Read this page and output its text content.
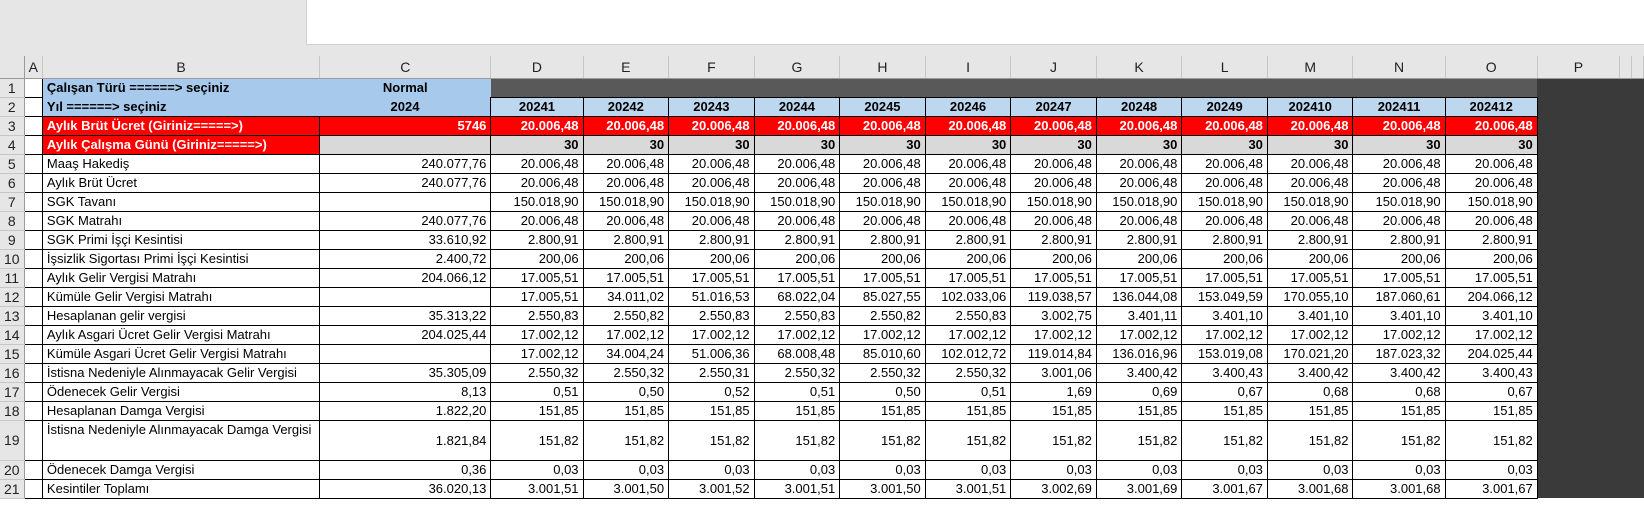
	A	B	C	D	E	F	G	H	I	J	K	L	M	N	O	P		
1		Çalışan Türü ======> seçiniz	Normal															
2		Yıl ======> seçiniz	2024	20241	20242	20243	20244	20245	20246	20247	20248	20249	202410	202411	202412			
3		Aylık Brüt Ücret (Giriniz=====>)	5746	20.006,48	20.006,48	20.006,48	20.006,48	20.006,48	20.006,48	20.006,48	20.006,48	20.006,48	20.006,48	20.006,48	20.006,48			
4		Aylık Çalışma Günü (Giriniz=====>)		30	30	30	30	30	30	30	30	30	30	30	30			
5		Maaş Hakediş	240.077,76	20.006,48	20.006,48	20.006,48	20.006,48	20.006,48	20.006,48	20.006,48	20.006,48	20.006,48	20.006,48	20.006,48	20.006,48			
6		Aylık Brüt Ücret	240.077,76	20.006,48	20.006,48	20.006,48	20.006,48	20.006,48	20.006,48	20.006,48	20.006,48	20.006,48	20.006,48	20.006,48	20.006,48			
7		SGK Tavanı		150.018,90	150.018,90	150.018,90	150.018,90	150.018,90	150.018,90	150.018,90	150.018,90	150.018,90	150.018,90	150.018,90	150.018,90			
8		SGK Matrahı	240.077,76	20.006,48	20.006,48	20.006,48	20.006,48	20.006,48	20.006,48	20.006,48	20.006,48	20.006,48	20.006,48	20.006,48	20.006,48			
9		SGK Primi İşçi Kesintisi	33.610,92	2.800,91	2.800,91	2.800,91	2.800,91	2.800,91	2.800,91	2.800,91	2.800,91	2.800,91	2.800,91	2.800,91	2.800,91			
10		İşsizlik Sigortası Primi İşçi Kesintisi	2.400,72	200,06	200,06	200,06	200,06	200,06	200,06	200,06	200,06	200,06	200,06	200,06	200,06			
11		Aylık Gelir Vergisi Matrahı	204.066,12	17.005,51	17.005,51	17.005,51	17.005,51	17.005,51	17.005,51	17.005,51	17.005,51	17.005,51	17.005,51	17.005,51	17.005,51			
12		Kümüle Gelir Vergisi Matrahı		17.005,51	34.011,02	51.016,53	68.022,04	85.027,55	102.033,06	119.038,57	136.044,08	153.049,59	170.055,10	187.060,61	204.066,12			
13		Hesaplanan gelir vergisi	35.313,22	2.550,83	2.550,82	2.550,83	2.550,83	2.550,82	2.550,83	3.002,75	3.401,11	3.401,10	3.401,10	3.401,10	3.401,10			
14		Aylık Asgari Ücret Gelir Vergisi Matrahı	204.025,44	17.002,12	17.002,12	17.002,12	17.002,12	17.002,12	17.002,12	17.002,12	17.002,12	17.002,12	17.002,12	17.002,12	17.002,12			
15		Kümüle Asgari Ücret Gelir Vergisi Matrahı		17.002,12	34.004,24	51.006,36	68.008,48	85.010,60	102.012,72	119.014,84	136.016,96	153.019,08	170.021,20	187.023,32	204.025,44			
16		İstisna Nedeniyle Alınmayacak Gelir Vergisi	35.305,09	2.550,32	2.550,32	2.550,31	2.550,32	2.550,32	2.550,32	3.001,06	3.400,42	3.400,43	3.400,42	3.400,42	3.400,43			
17		Ödenecek Gelir Vergisi	8,13	0,51	0,50	0,52	0,51	0,50	0,51	1,69	0,69	0,67	0,68	0,68	0,67			
18		Hesaplanan Damga Vergisi	1.822,20	151,85	151,85	151,85	151,85	151,85	151,85	151,85	151,85	151,85	151,85	151,85	151,85			
19		İstisna Nedeniyle Alınmayacak Damga Vergisi	1.821,84	151,82	151,82	151,82	151,82	151,82	151,82	151,82	151,82	151,82	151,82	151,82	151,82			
20		Ödenecek Damga Vergisi	0,36	0,03	0,03	0,03	0,03	0,03	0,03	0,03	0,03	0,03	0,03	0,03	0,03			
21		Kesintiler Toplamı	36.020,13	3.001,51	3.001,50	3.001,52	3.001,51	3.001,50	3.001,51	3.002,69	3.001,69	3.001,67	3.001,68	3.001,68	3.001,67			
